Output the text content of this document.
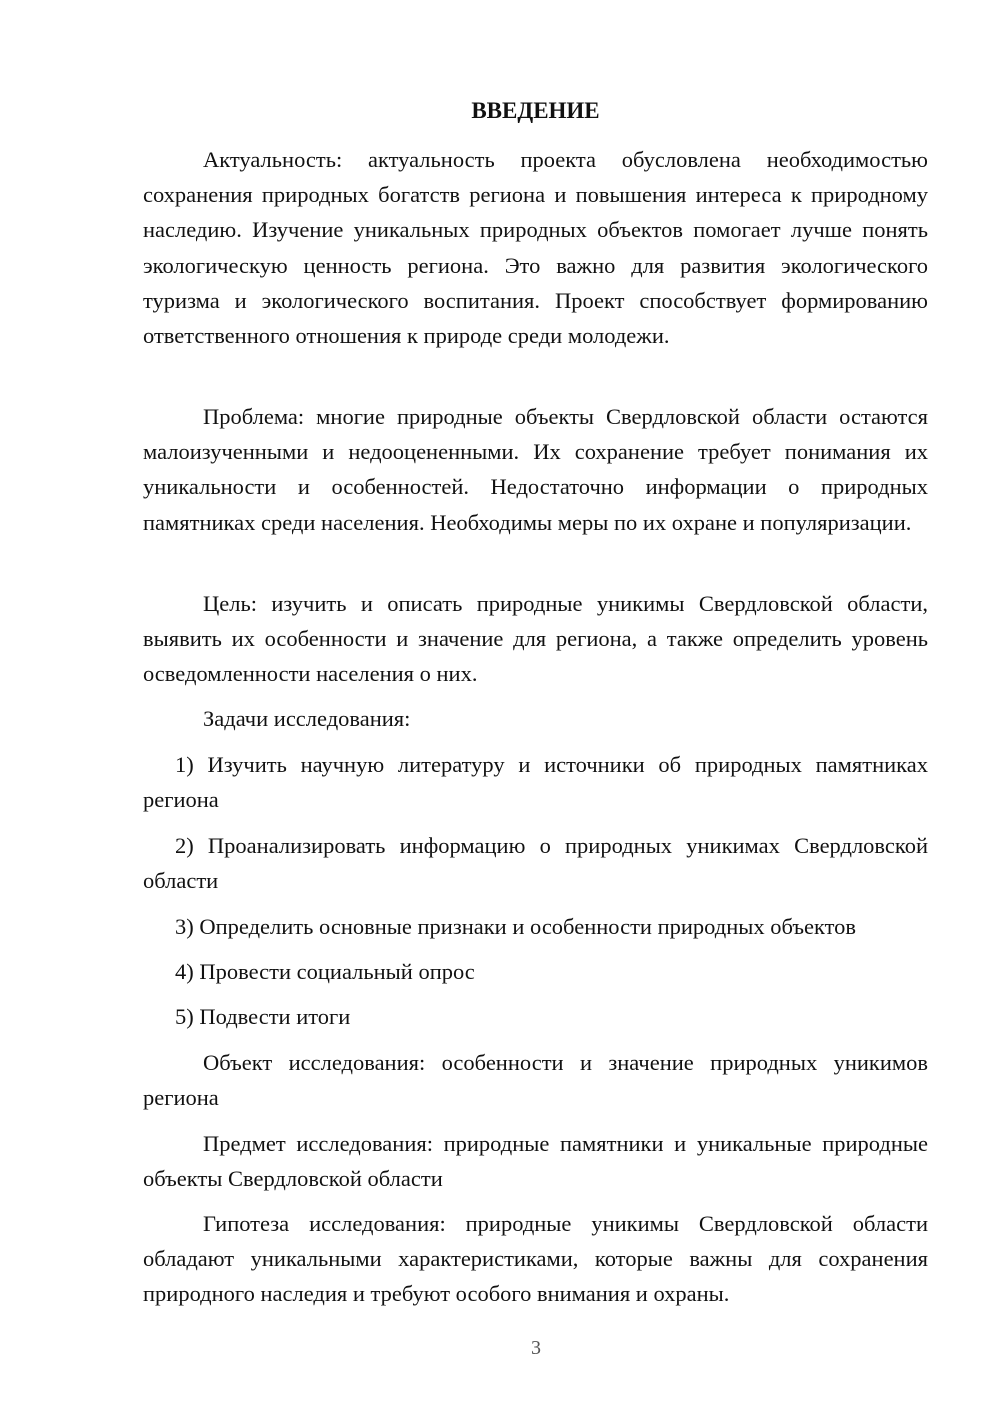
ВВЕДЕНИЕ

Актуальность: актуальность проекта обусловлена необходимостью сохранения природных богатств региона и повышения интереса к природному наследию. Изучение уникальных природных объектов помогает лучше понять экологическую ценность региона. Это важно для развития экологического туризма и экологического воспитания. Проект способствует формированию ответственного отношения к природе среди молодежи.

Проблема: многие природные объекты Свердловской области остаются малоизученными и недооцененными. Их сохранение требует понимания их уникальности и особенностей. Недостаточно информации о природных памятниках среди населения. Необходимы меры по их охране и популяризации.

Цель: изучить и описать природные уникимы Свердловской области, выявить их особенности и значение для региона, а также определить уровень осведомленности населения о них.

Задачи исследования:

1) Изучить научную литературу и источники об природных памятниках региона

2) Проанализировать информацию о природных уникимах Свердловской области

3) Определить основные признаки и особенности природных объектов

4) Провести социальный опрос

5) Подвести итоги

Объект исследования: особенности и значение природных уникимов региона

Предмет исследования: природные памятники и уникальные природные объекты Свердловской области

Гипотеза исследования: природные уникимы Свердловской области обладают уникальными характеристиками, которые важны для сохранения природного наследия и требуют особого внимания и охраны.

3
